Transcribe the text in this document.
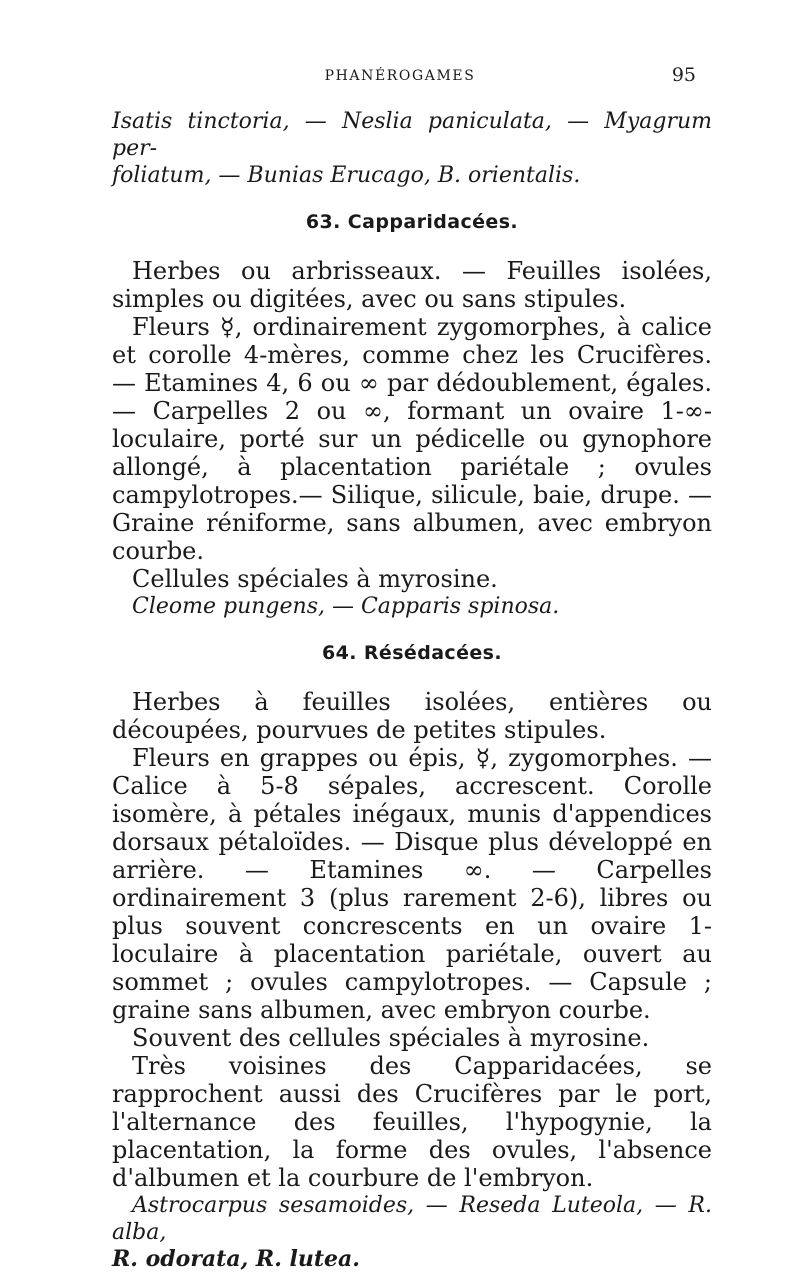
PHANÉROGAMES	95

Isatis tinctoria, — Neslia paniculata, — Myagrum per-

foliatum, — Bunias Erucago, B. orientalis.

63. Capparidacées.

Herbes ou arbrisseaux. — Feuilles isolées, simples ou digitées, avec ou sans stipules.

Fleurs ☿, ordinairement zygomorphes, à calice et corolle 4-mères, comme chez les Crucifères. — Etamines 4, 6 ou ∞ par dédoublement, égales. — Carpelles 2 ou ∞, formant un ovaire 1-∞-loculaire, porté sur un pédicelle ou gynophore allongé, à placentation pariétale ; ovules campylotropes.— Silique, silicule, baie, drupe. — Graine réniforme, sans albumen, avec embryon courbe.

Cellules spéciales à myrosine.

Cleome pungens, — Capparis spinosa.

64. Résédacées.

Herbes à feuilles isolées, entières ou découpées, pourvues de petites stipules.

Fleurs en grappes ou épis, ☿, zygomorphes. — Calice à 5-8 sépales, accrescent. Corolle isomère, à pétales inégaux, munis d'appendices dorsaux pétaloïdes. — Disque plus développé en arrière. — Etamines ∞. — Carpelles ordinairement 3 (plus rarement 2-6), libres ou plus souvent concrescents en un ovaire 1-loculaire à placentation pariétale, ouvert au sommet ; ovules campylotropes. — Capsule ; graine sans albumen, avec embryon courbe.

Souvent des cellules spéciales à myrosine.

Très voisines des Capparidacées, se rapprochent aussi des Crucifères par le port, l'alternance des feuilles, l'hypogynie, la placentation, la forme des ovules, l'absence d'albumen et la courbure de l'embryon.

Astrocarpus sesamoides, — Reseda Luteola, — R. alba,

R. odorata, R. lutea.
